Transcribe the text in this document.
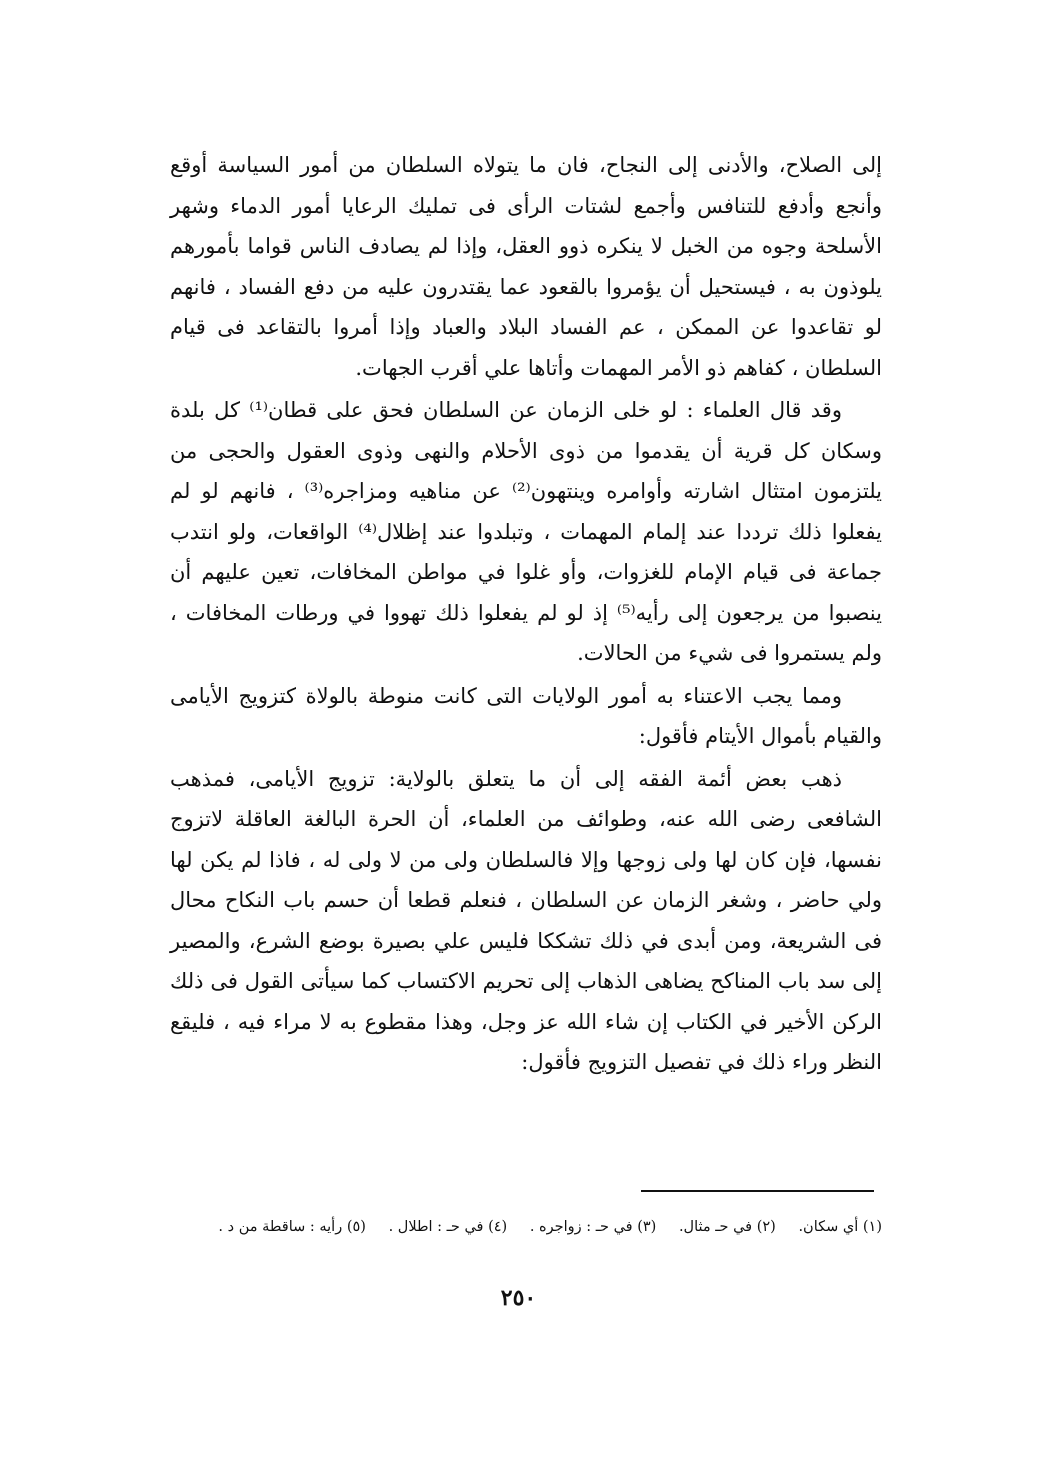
إلى الصلاح، والأدنى إلى النجاح، فان ما يتولاه السلطان من أمور السياسة أوقع وأنجع وأدفع للتنافس وأجمع لشتات الرأى فى تمليك الرعايا أمور الدماء وشهر الأسلحة وجوه من الخبل لا ينكره ذوو العقل، وإذا لم يصادف الناس قواما بأمورهم يلوذون به ، فيستحيل أن يؤمروا بالقعود عما يقتدرون عليه من دفع الفساد ، فانهم لو تقاعدوا عن الممكن ، عم الفساد البلاد والعباد وإذا أمروا بالتقاعد فى قيام السلطان ، كفاهم ذو الأمر المهمات وأتاها علي أقرب الجهات.

وقد قال العلماء : لو خلى الزمان عن السلطان فحق على قطان⁽¹⁾ كل بلدة وسكان كل قرية أن يقدموا من ذوى الأحلام والنهى وذوى العقول والحجى من يلتزمون امتثال اشارته وأوامره وينتهون⁽²⁾ عن مناهيه ومزاجره⁽³⁾ ، فانهم لو لم يفعلوا ذلك ترددا عند إلمام المهمات ، وتبلدوا عند إظلال⁽⁴⁾ الواقعات، ولو انتدب جماعة فى قيام الإمام للغزوات، وأو غلوا في مواطن المخافات، تعين عليهم أن ينصبوا من يرجعون إلى رأيه⁽⁵⁾ إذ لو لم يفعلوا ذلك تهووا في ورطات المخافات ، ولم يستمروا فى شيء من الحالات.

ومما يجب الاعتناء به أمور الولايات التى كانت منوطة بالولاة كتزويج الأيامى والقيام بأموال الأيتام فأقول:

ذهب بعض أئمة الفقه إلى أن ما يتعلق بالولاية: تزويج الأيامى، فمذهب الشافعى رضى الله عنه، وطوائف من العلماء، أن الحرة البالغة العاقلة لاتزوج نفسها، فإن كان لها ولى زوجها وإلا فالسلطان ولى من لا ولى له ، فاذا لم يكن لها ولي حاضر ، وشغر الزمان عن السلطان ، فنعلم قطعا أن حسم باب النكاح محال فى الشريعة، ومن أبدى في ذلك تشككا فليس علي بصيرة بوضع الشرع، والمصير إلى سد باب المناكح يضاهى الذهاب إلى تحريم الاكتساب كما سيأتى القول فى ذلك الركن الأخير في الكتاب إن شاء الله عز وجل، وهذا مقطوع به لا مراء فيه ، فليقع النظر وراء ذلك في تفصيل التزويج فأقول:

(١) أي سكان. (٢) في حـ مثال. (٣) في حـ : زواجره . (٤) في حـ : اطلال . (٥) رأيه : ساقطة من د .
٢٥٠
